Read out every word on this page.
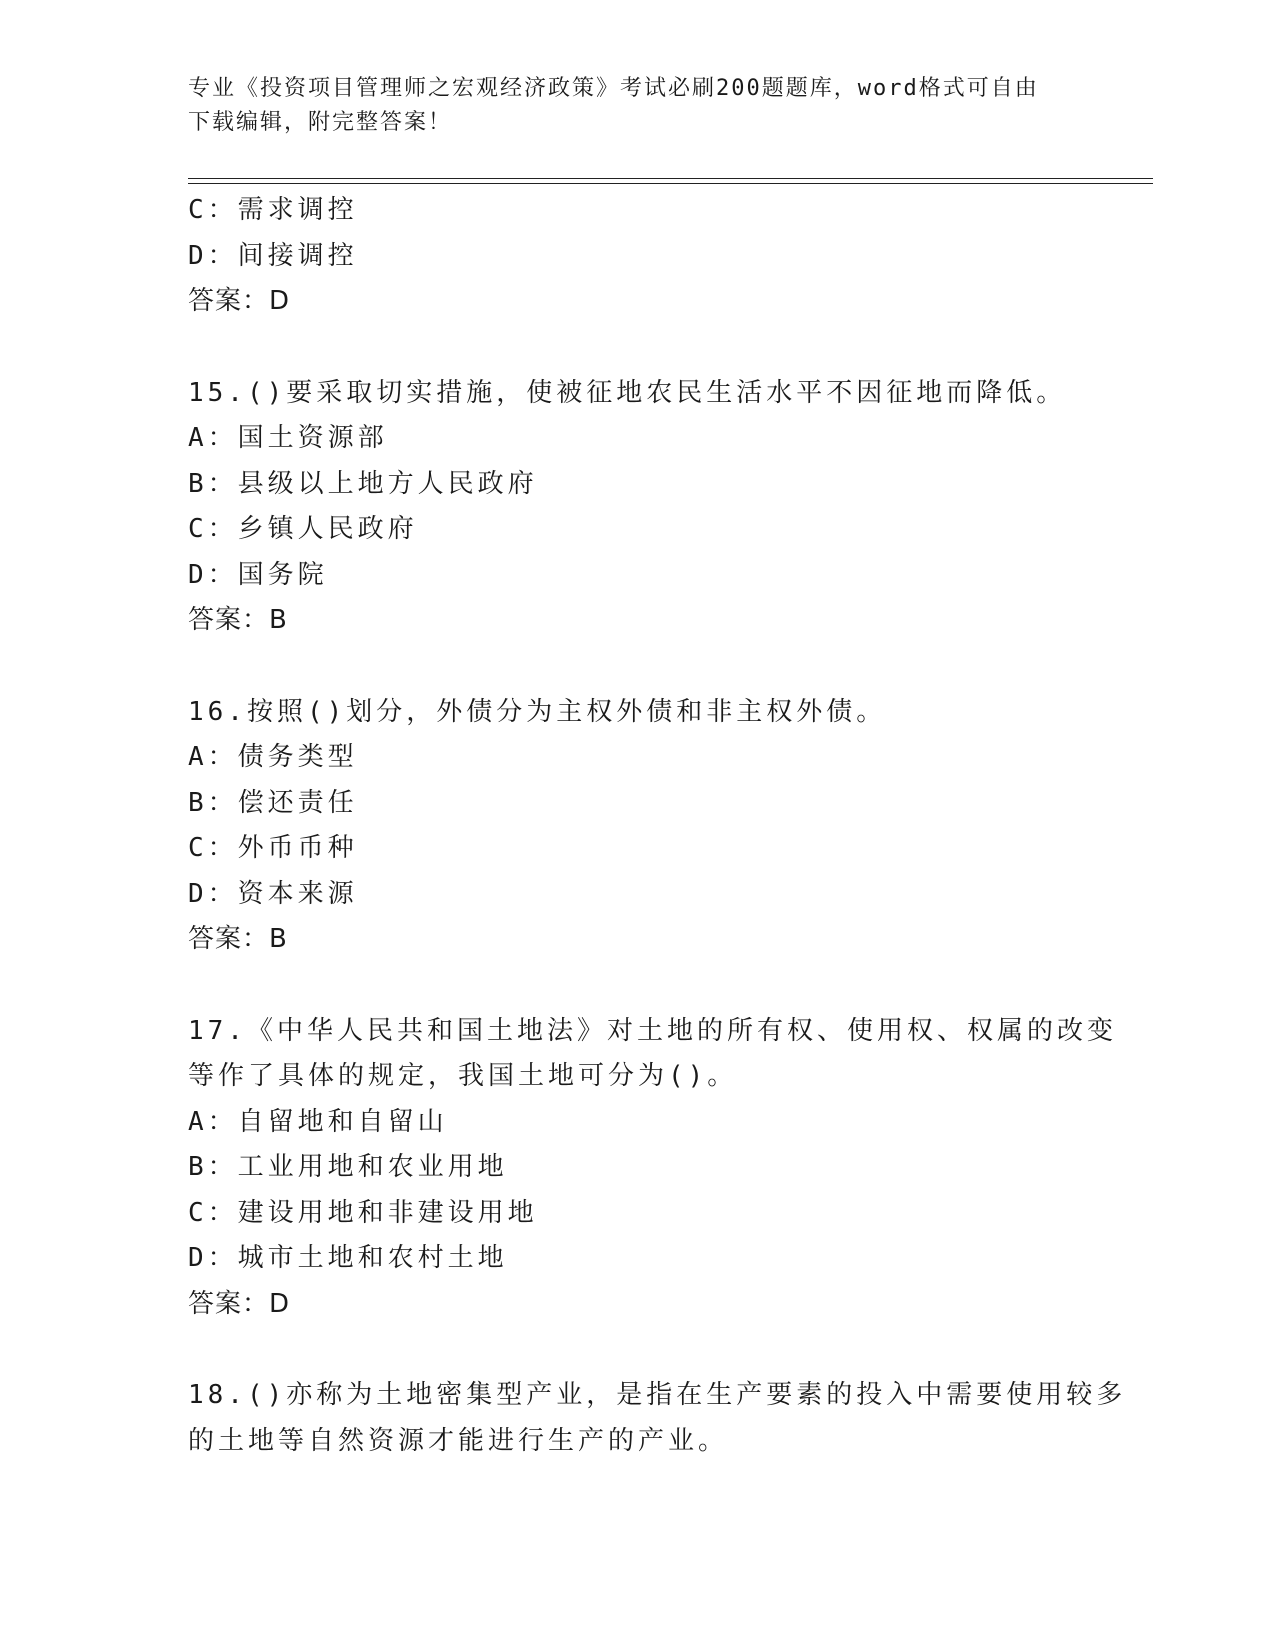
专业《投资项目管理师之宏观经济政策》考试必刷200题题库，word格式可自由
下载编辑，附完整答案！
C：需求调控
D：间接调控
答案：D
15.()要采取切实措施，使被征地农民生活水平不因征地而降低。
A：国土资源部
B：县级以上地方人民政府
C：乡镇人民政府
D：国务院
答案：B
16.按照()划分，外债分为主权外债和非主权外债。
A：债务类型
B：偿还责任
C：外币币种
D：资本来源
答案：B
17.《中华人民共和国土地法》对土地的所有权、使用权、权属的改变
等作了具体的规定，我国土地可分为()。
A：自留地和自留山
B：工业用地和农业用地
C：建设用地和非建设用地
D：城市土地和农村土地
答案：D
18.()亦称为土地密集型产业，是指在生产要素的投入中需要使用较多
的土地等自然资源才能进行生产的产业。
